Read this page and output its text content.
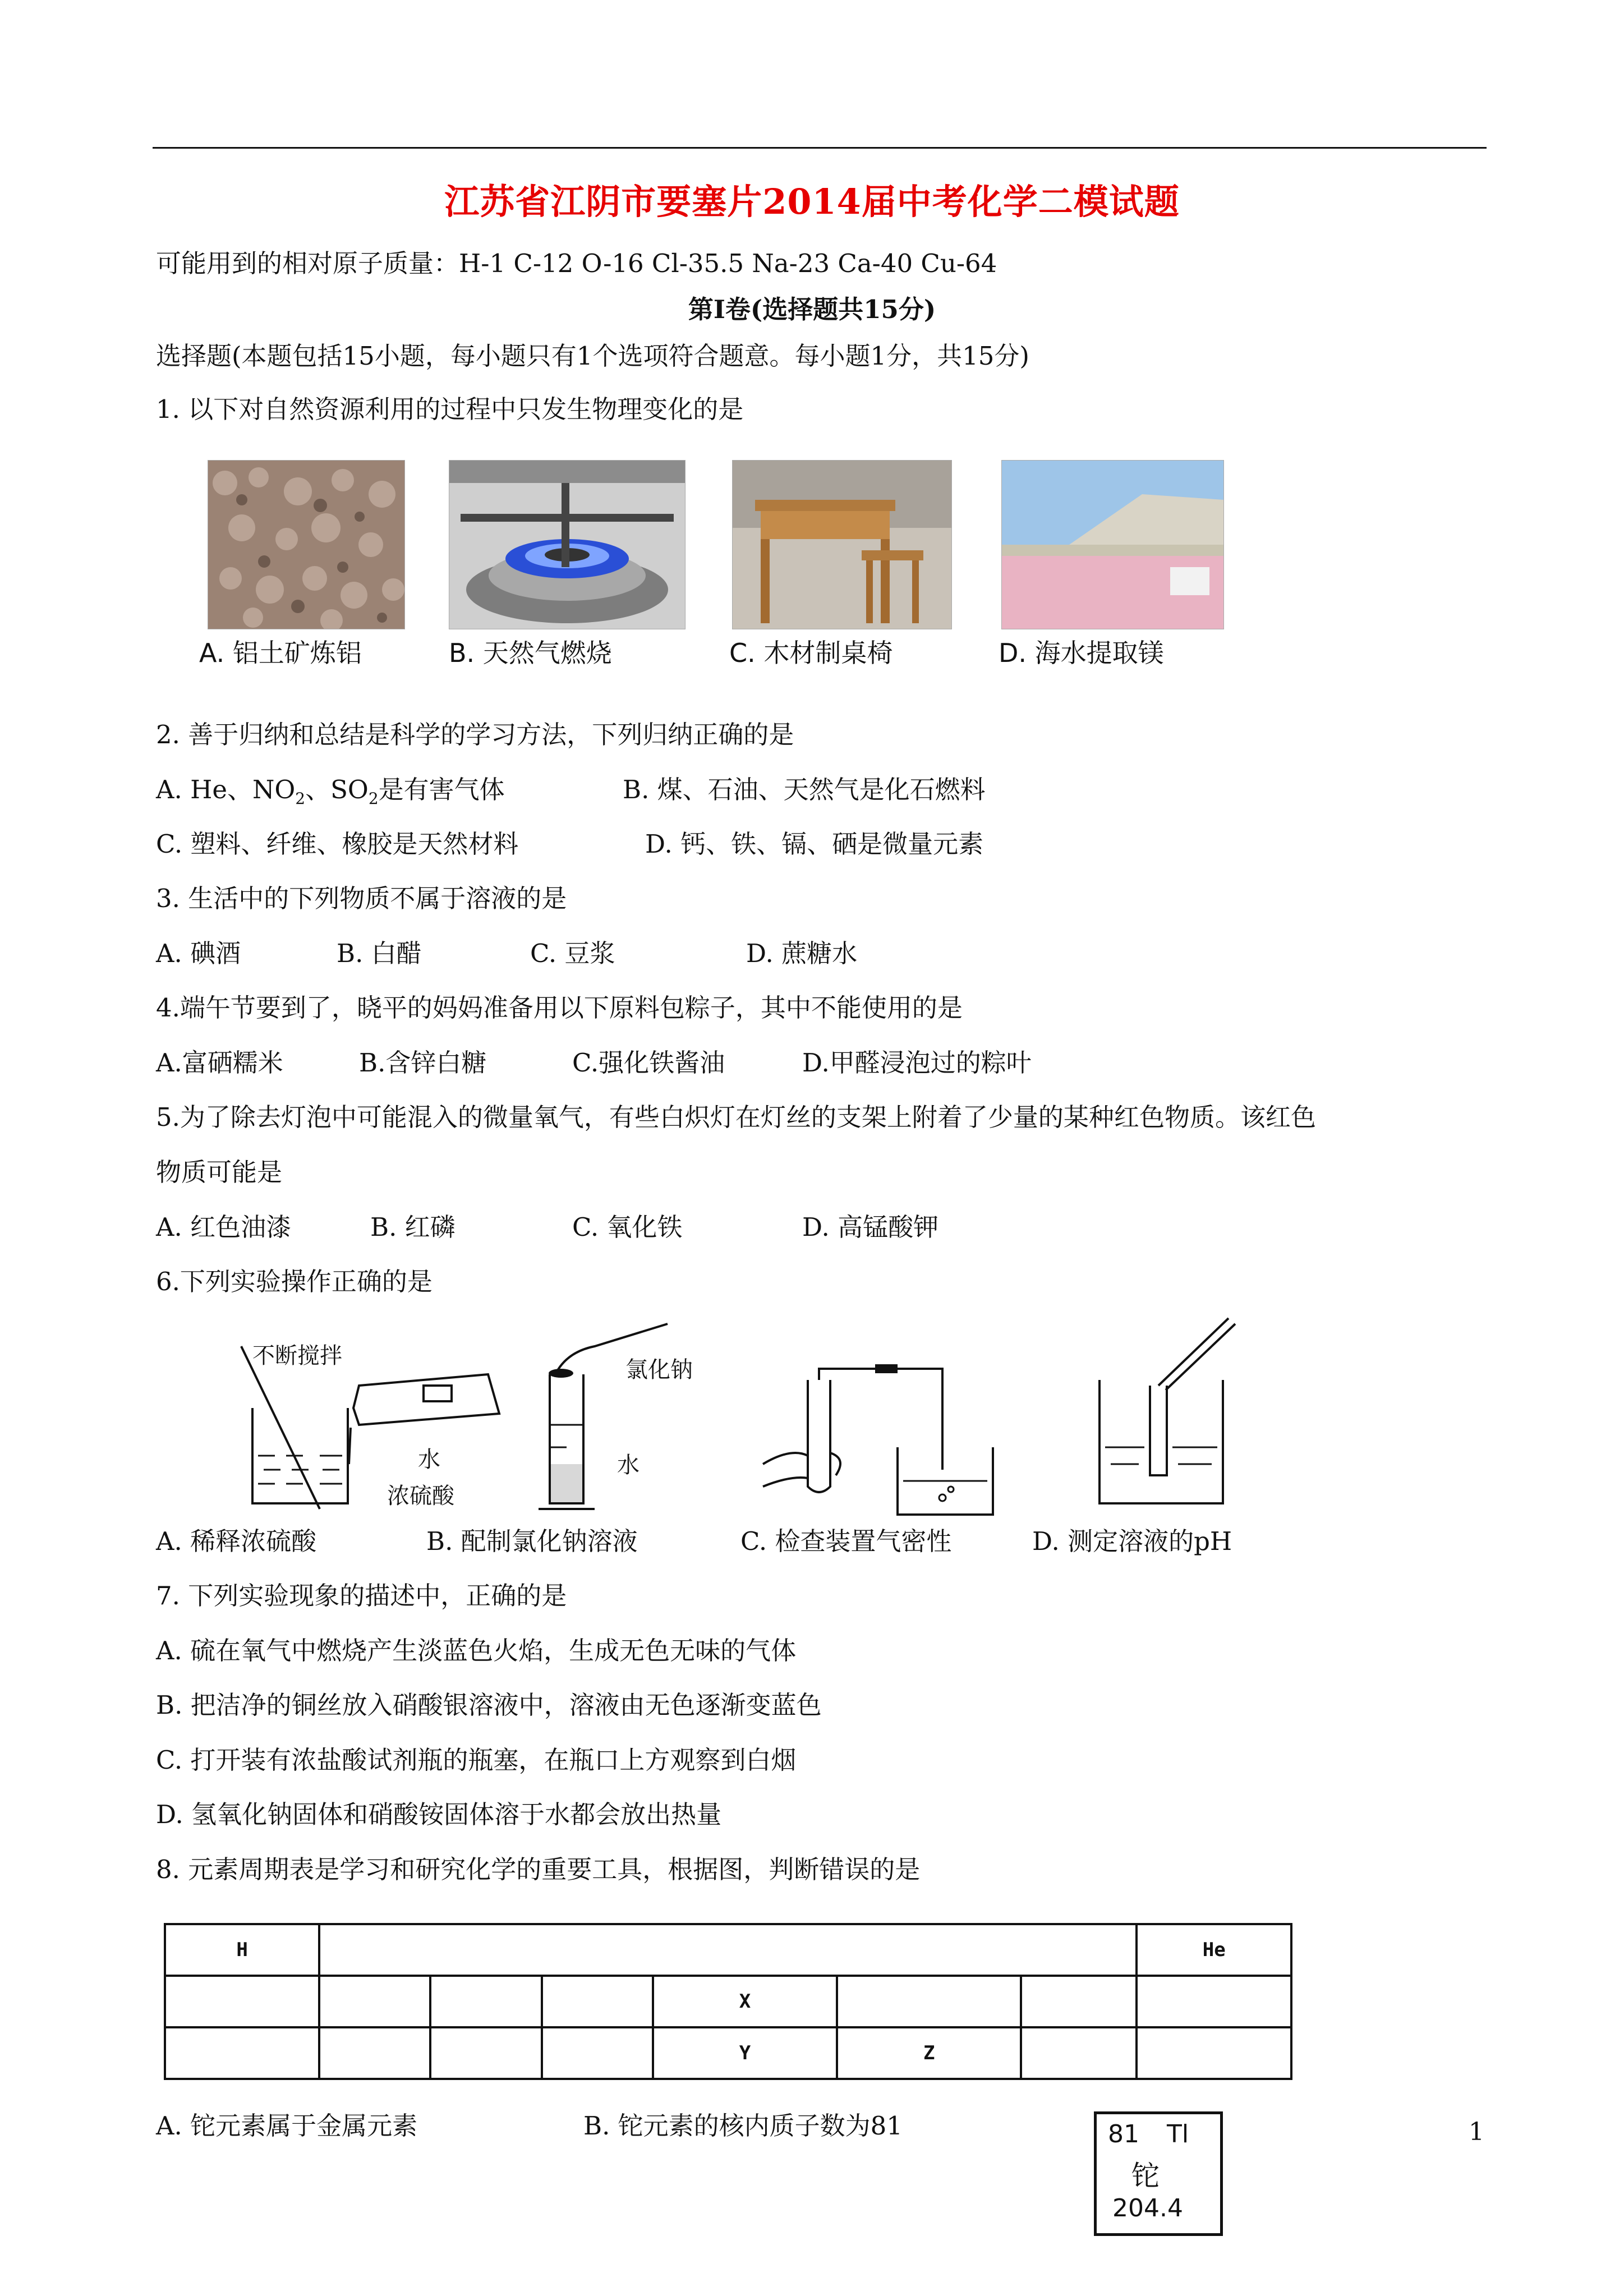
江苏省江阴市要塞片2014届中考化学二模试题
可能用到的相对原子质量：H-1 C-12 O-16 Cl-35.5 Na-23 Ca-40 Cu-64
第Ⅰ卷(选择题共15分)
选择题(本题包括15小题，每小题只有1个选项符合题意。每小题1分，共15分)
1. 以下对自然资源利用的过程中只发生物理变化的是
A. 铝土矿炼铝	B. 天然气燃烧	C. 木材制桌椅	D. 海水提取镁
2. 善于归纳和总结是科学的学习方法，下列归纳正确的是
A. He、$NO_2$、$SO_2$是有害气体	B. 煤、石油、天然气是化石燃料
C. 塑料、纤维、橡胶是天然材料	D. 钙、铁、镉、硒是微量元素
3. 生活中的下列物质不属于溶液的是
A. 碘酒	B. 白醋	C. 豆浆	D. 蔗糖水
4.端午节要到了，晓平的妈妈准备用以下原料包粽子，其中不能使用的是
A.富硒糯米	B.含锌白糖	C.强化铁酱油	D.甲醛浸泡过的粽叶
5.为了除去灯泡中可能混入的微量氧气，有些白炽灯在灯丝的支架上附着了少量的某种红色物质。该红色
物质可能是
A. 红色油漆	B. 红磷	C. 氧化铁	D. 高锰酸钾
6.下列实验操作正确的是
不断搅拌
水
浓硫酸
氯化钠
水
A. 稀释浓硫酸	B. 配制氯化钠溶液	C. 检查装置气密性	D. 测定溶液的pH
7. 下列实验现象的描述中，正确的是
A. 硫在氧气中燃烧产生淡蓝色火焰，生成无色无味的气体
B. 把洁净的铜丝放入硝酸银溶液中，溶液由无色逐渐变蓝色
C. 打开装有浓盐酸试剂瓶的瓶塞，在瓶口上方观察到白烟
D. 氢氧化钠固体和硝酸铵固体溶于水都会放出热量
8. 元素周期表是学习和研究化学的重要工具，根据图，判断错误的是
H							He
				X			
				Y	Z		
A. 铊元素属于金属元素	B. 铊元素的核内质子数为81	81 Tl
铊
204.4
1
